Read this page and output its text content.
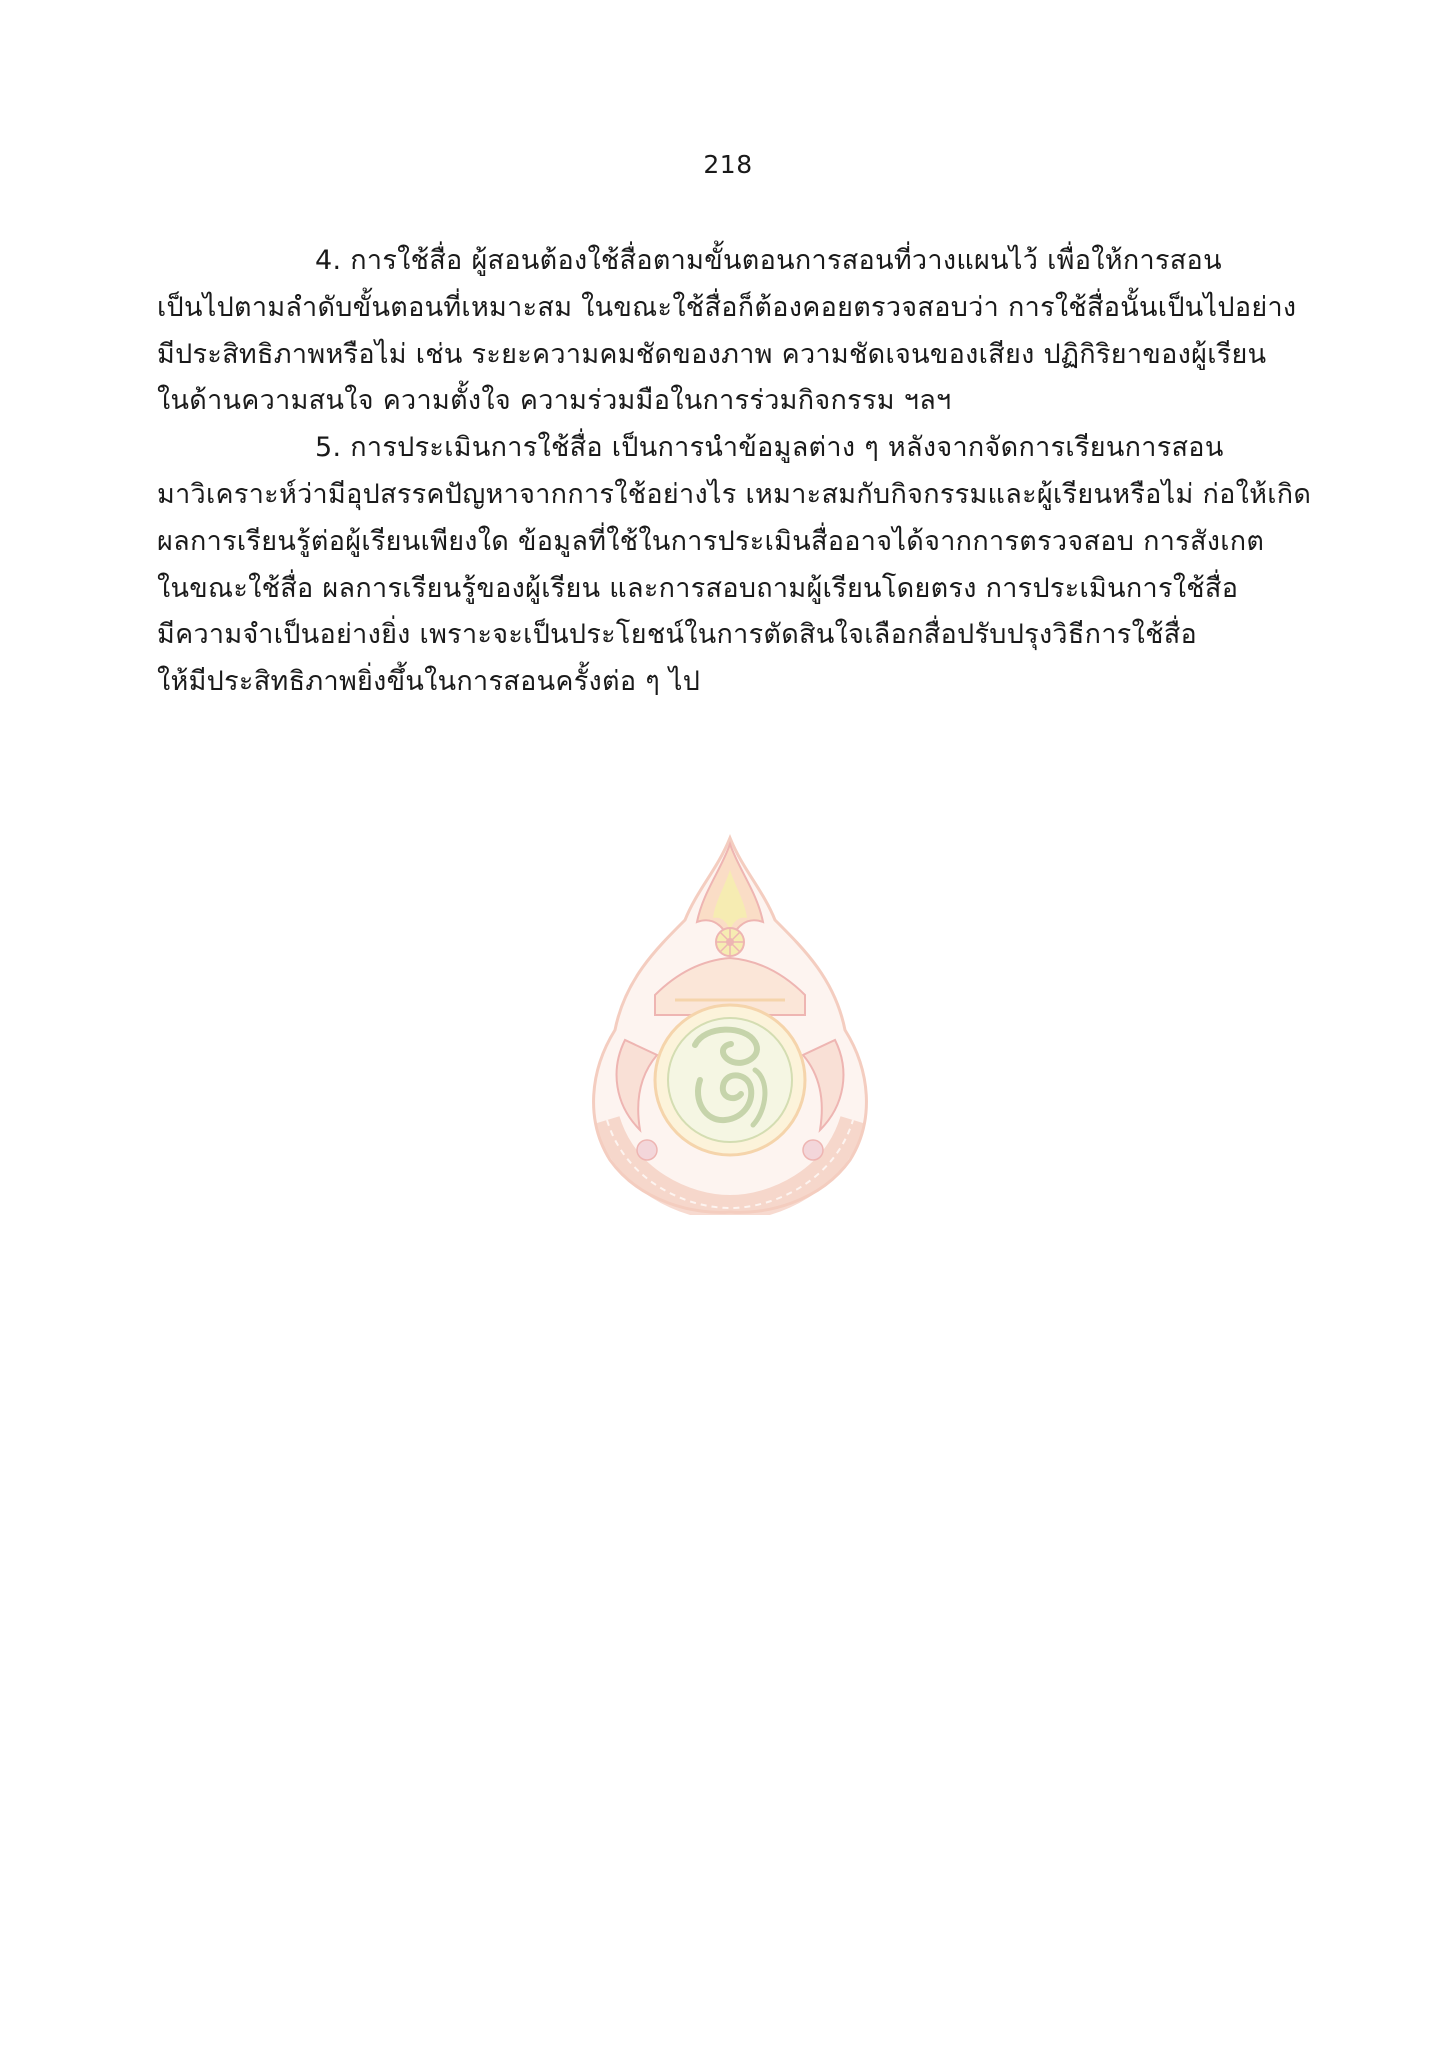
218
4. การใช้สื่อ ผู้สอนต้องใช้สื่อตามขั้นตอนการสอนที่วางแผนไว้ เพื่อให้การสอน
เป็นไปตามลำดับขั้นตอนที่เหมาะสม ในขณะใช้สื่อก็ต้องคอยตรวจสอบว่า การใช้สื่อนั้นเป็นไปอย่าง
มีประสิทธิภาพหรือไม่ เช่น ระยะความคมชัดของภาพ ความชัดเจนของเสียง ปฏิกิริยาของผู้เรียน
ในด้านความสนใจ ความตั้งใจ ความร่วมมือในการร่วมกิจกรรม ฯลฯ
5. การประเมินการใช้สื่อ เป็นการนำข้อมูลต่าง ๆ หลังจากจัดการเรียนการสอน
มาวิเคราะห์ว่ามีอุปสรรคปัญหาจากการใช้อย่างไร เหมาะสมกับกิจกรรมและผู้เรียนหรือไม่ ก่อให้เกิด
ผลการเรียนรู้ต่อผู้เรียนเพียงใด ข้อมูลที่ใช้ในการประเมินสื่ออาจได้จากการตรวจสอบ การสังเกต
ในขณะใช้สื่อ ผลการเรียนรู้ของผู้เรียน และการสอบถามผู้เรียนโดยตรง การประเมินการใช้สื่อ
มีความจำเป็นอย่างยิ่ง เพราะจะเป็นประโยชน์ในการตัดสินใจเลือกสื่อปรับปรุงวิธีการใช้สื่อ
ให้มีประสิทธิภาพยิ่งขึ้นในการสอนครั้งต่อ ๆ ไป
